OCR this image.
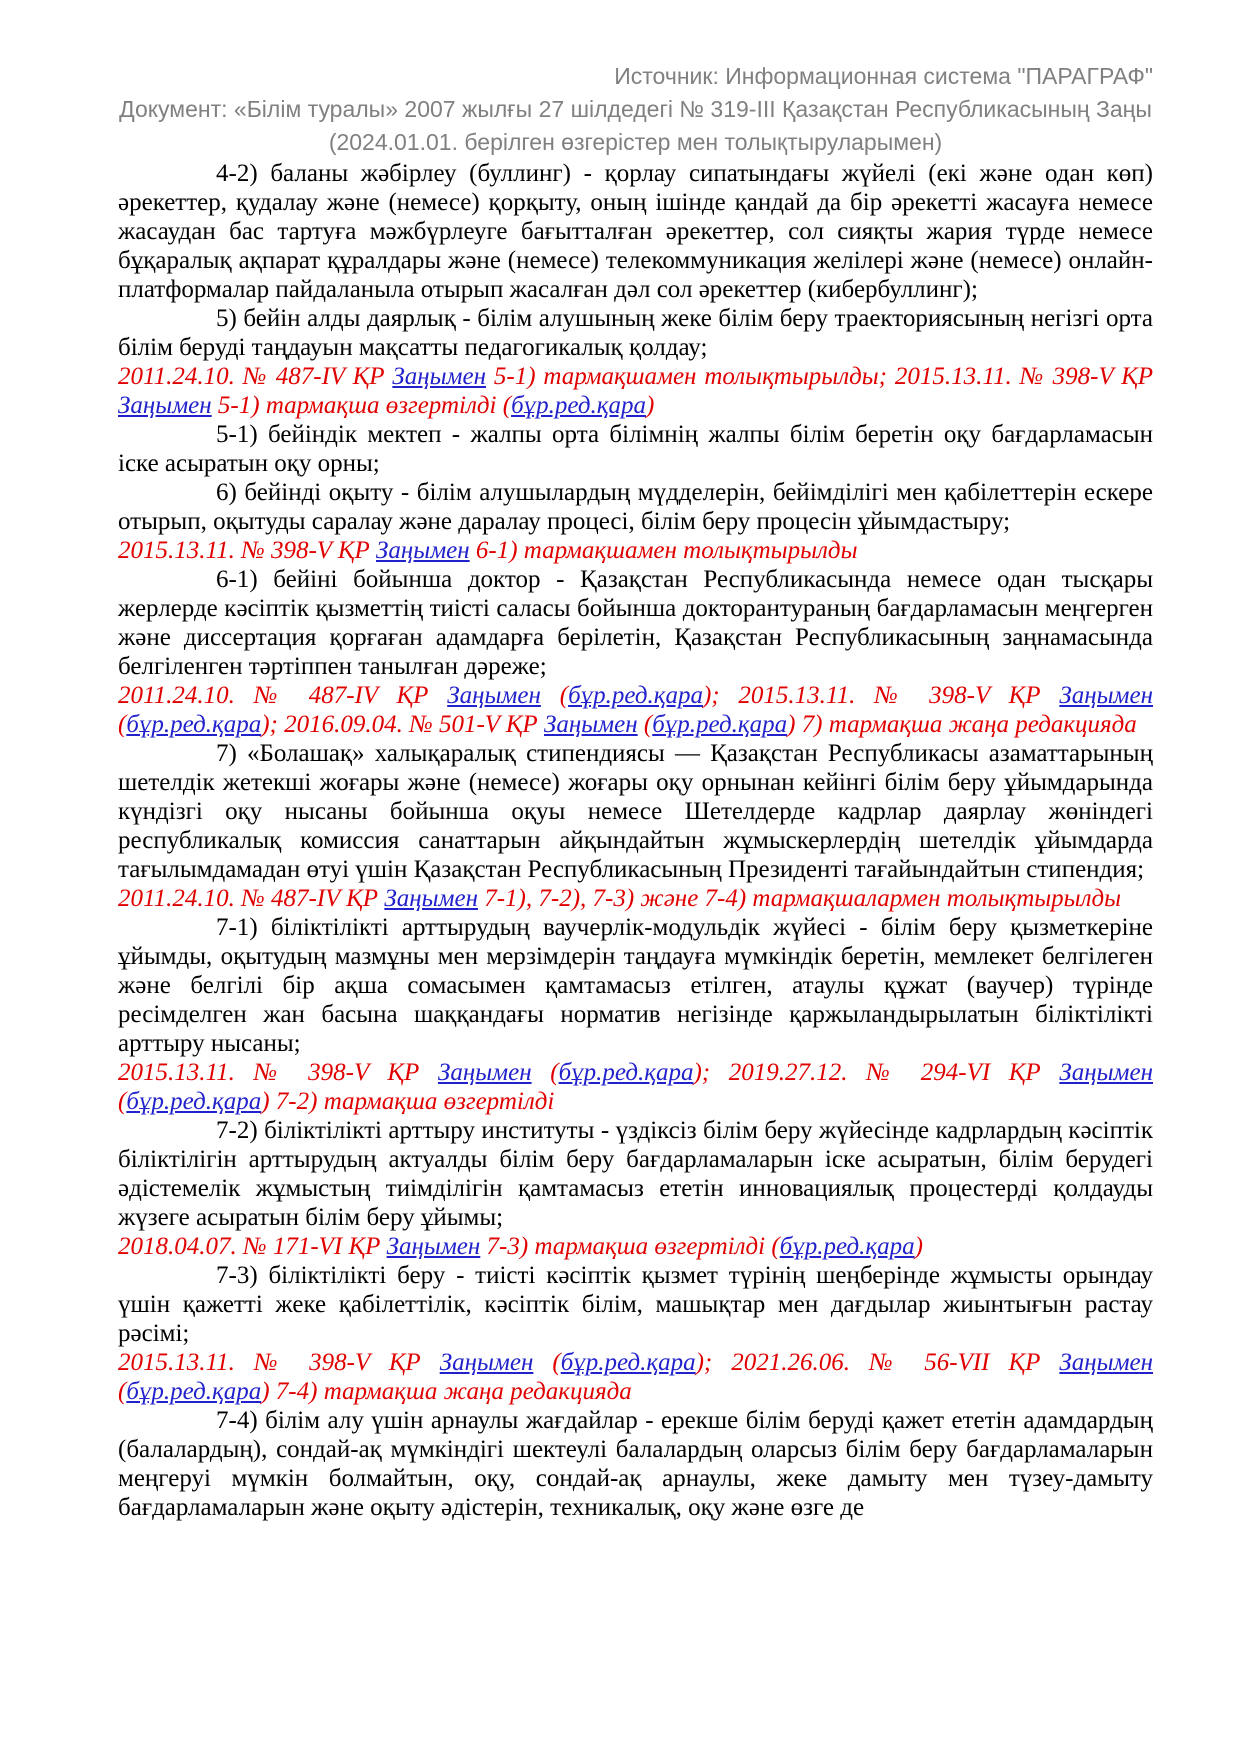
Источник: Информационная система "ПАРАГРАФ"
Документ: «Білім туралы» 2007 жылғы 27 шілдедегі № 319-III Қазақстан Республикасының Заңы
(2024.01.01. берілген өзгерістер мен толықтыруларымен)

4-2) баланы жәбірлеу (буллинг) - қорлау сипатындағы жүйелі (екі және одан көп) әрекеттер, қудалау және (немесе) қорқыту, оның ішінде қандай да бір әрекетті жасауға немесе жасаудан бас тартуға мәжбүрлеуге бағытталған әрекеттер, сол сияқты жария түрде немесе бұқаралық ақпарат құралдары және (немесе) телекоммуникация желілері және (немесе) онлайн-платформалар пайдаланыла отырып жасалған дәл сол әрекеттер (кибербуллинг);

5) бейін алды даярлық - білім алушының жеке білім беру траекториясының негізгі орта білім беруді таңдауын мақсатты педагогикалық қолдау;

2011.24.10. № 487-IV ҚР Заңымен 5-1) тармақшамен толықтырылды; 2015.13.11. № 398-V ҚР Заңымен 5-1) тармақша өзгертілді (бұр.ред.қара)

5-1) бейіндік мектеп - жалпы орта білімнің жалпы білім беретін оқу бағдарламасын іске асыратын оқу орны;

6) бейінді оқыту - білім алушылардың мүдделерін, бейімділігі мен қабілеттерін ескере отырып, оқытуды саралау және даралау процесі, білім беру процесін ұйымдастыру;

2015.13.11. № 398-V ҚР Заңымен 6-1) тармақшамен толықтырылды

6-1) бейіні бойынша доктор - Қазақстан Республикасында немесе одан тысқары жерлерде кәсіптік қызметтің тиісті саласы бойынша докторантураның бағдарламасын меңгерген және диссертация қорғаған адамдарға берілетін, Қазақстан Республикасының заңнамасында белгіленген тәртіппен танылған дәреже;

2011.24.10. № 487-IV ҚР Заңымен (бұр.ред.қара); 2015.13.11. № 398-V ҚР Заңымен (бұр.ред.қара); 2016.09.04. № 501-V ҚР Заңымен (бұр.ред.қара) 7) тармақша жаңа редакцияда

7) «Болашақ» халықаралық стипендиясы — Қазақстан Республикасы азаматтарының шетелдік жетекші жоғары және (немесе) жоғары оқу орнынан кейінгі білім беру ұйымдарында күндізгі оқу нысаны бойынша оқуы немесе Шетелдерде кадрлар даярлау жөніндегі республикалық комиссия санаттарын айқындайтын жұмыскерлердің шетелдік ұйымдарда тағылымдамадан өтуі үшін Қазақстан Республикасының Президенті тағайындайтын стипендия;

2011.24.10. № 487-IV ҚР Заңымен 7-1), 7-2), 7-3) және 7-4) тармақшалармен толықтырылды

7-1) біліктілікті арттырудың ваучерлік-модульдік жүйесі - білім беру қызметкеріне ұйымды, оқытудың мазмұны мен мерзімдерін таңдауға мүмкіндік беретін, мемлекет белгілеген және белгілі бір ақша сомасымен қамтамасыз етілген, атаулы құжат (ваучер) түрінде ресімделген жан басына шаққандағы норматив негізінде қаржыландырылатын біліктілікті арттыру нысаны;

2015.13.11. № 398-V ҚР Заңымен (бұр.ред.қара); 2019.27.12. № 294-VI ҚР Заңымен (бұр.ред.қара) 7-2) тармақша өзгертілді

7-2) біліктілікті арттыру институты - үздіксіз білім беру жүйесінде кадрлардың кәсіптік біліктілігін арттырудың актуалды білім беру бағдарламаларын іске асыратын, білім берудегі әдістемелік жұмыстың тиімділігін қамтамасыз ететін инновациялық процестерді қолдауды жүзеге асыратын білім беру ұйымы;

2018.04.07. № 171-VI ҚР Заңымен 7-3) тармақша өзгертілді (бұр.ред.қара)

7-3) біліктілікті беру - тиісті кәсіптік қызмет түрінің шеңберінде жұмысты орындау үшін қажетті жеке қабілеттілік, кәсіптік білім, машықтар мен дағдылар жиынтығын растау рәсімі;

2015.13.11. № 398-V ҚР Заңымен (бұр.ред.қара); 2021.26.06. № 56-VII ҚР Заңымен (бұр.ред.қара) 7-4) тармақша жаңа редакцияда

7-4) білім алу үшін арнаулы жағдайлар - ерекше білім беруді қажет ететін адамдардың (балалардың), сондай-ақ мүмкіндігі шектеулі балалардың оларсыз білім беру бағдарламаларын меңгеруі мүмкін болмайтын, оқу, сондай-ақ арнаулы, жеке дамыту мен түзеу-дамыту бағдарламаларын және оқыту әдістерін, техникалық, оқу және өзге де
